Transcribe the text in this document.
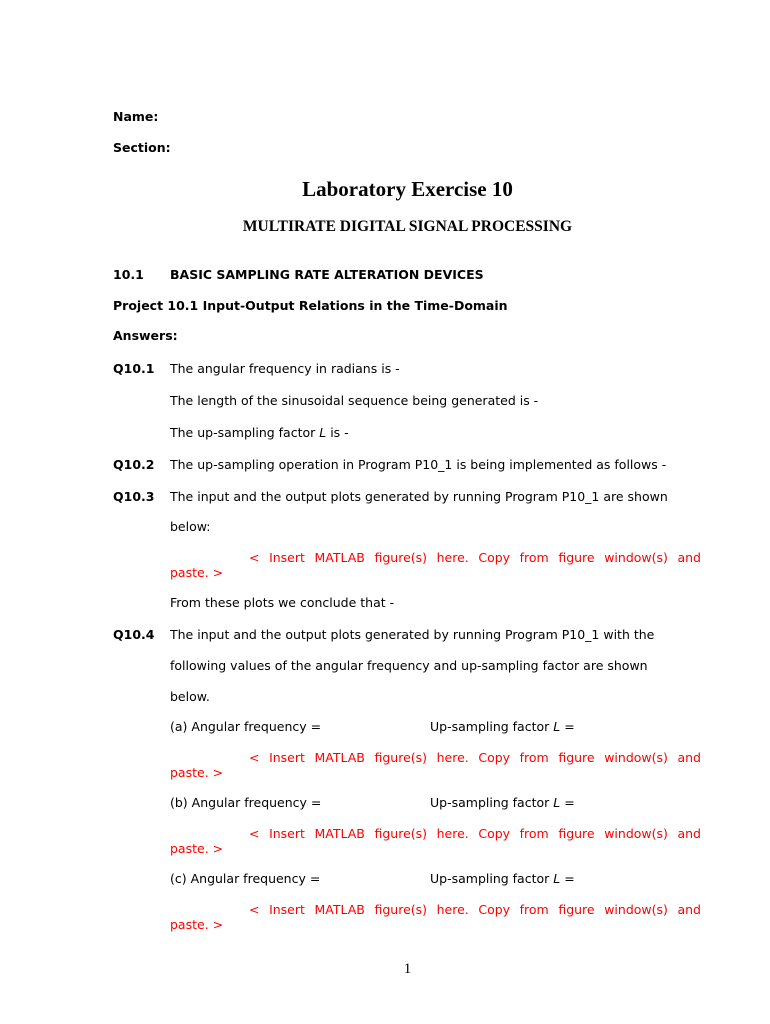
Name:
Section:
Laboratory Exercise 10
MULTIRATE DIGITAL SIGNAL PROCESSING
10.1 BASIC SAMPLING RATE ALTERATION DEVICES
Project 10.1 Input-Output Relations in the Time-Domain
Answers:
Q10.1 The angular frequency in radians is -
The length of the sinusoidal sequence being generated is -
The up-sampling factor L is -
Q10.2 The up-sampling operation in Program P10_1 is being implemented as follows -
Q10.3 The input and the output plots generated by running Program P10_1 are shown
below:
< Insert MATLAB figure(s) here. Copy from figure window(s) and
paste. >
From these plots we conclude that -
Q10.4 The input and the output plots generated by running Program P10_1 with the
following values of the angular frequency and up-sampling factor are shown
below.
(a) Angular frequency =	Up-sampling factor L =
< Insert MATLAB figure(s) here. Copy from figure window(s) and
paste. >
(b) Angular frequency =	Up-sampling factor L =
< Insert MATLAB figure(s) here. Copy from figure window(s) and
paste. >
(c) Angular frequency =	Up-sampling factor L =
< Insert MATLAB figure(s) here. Copy from figure window(s) and
paste. >
1
